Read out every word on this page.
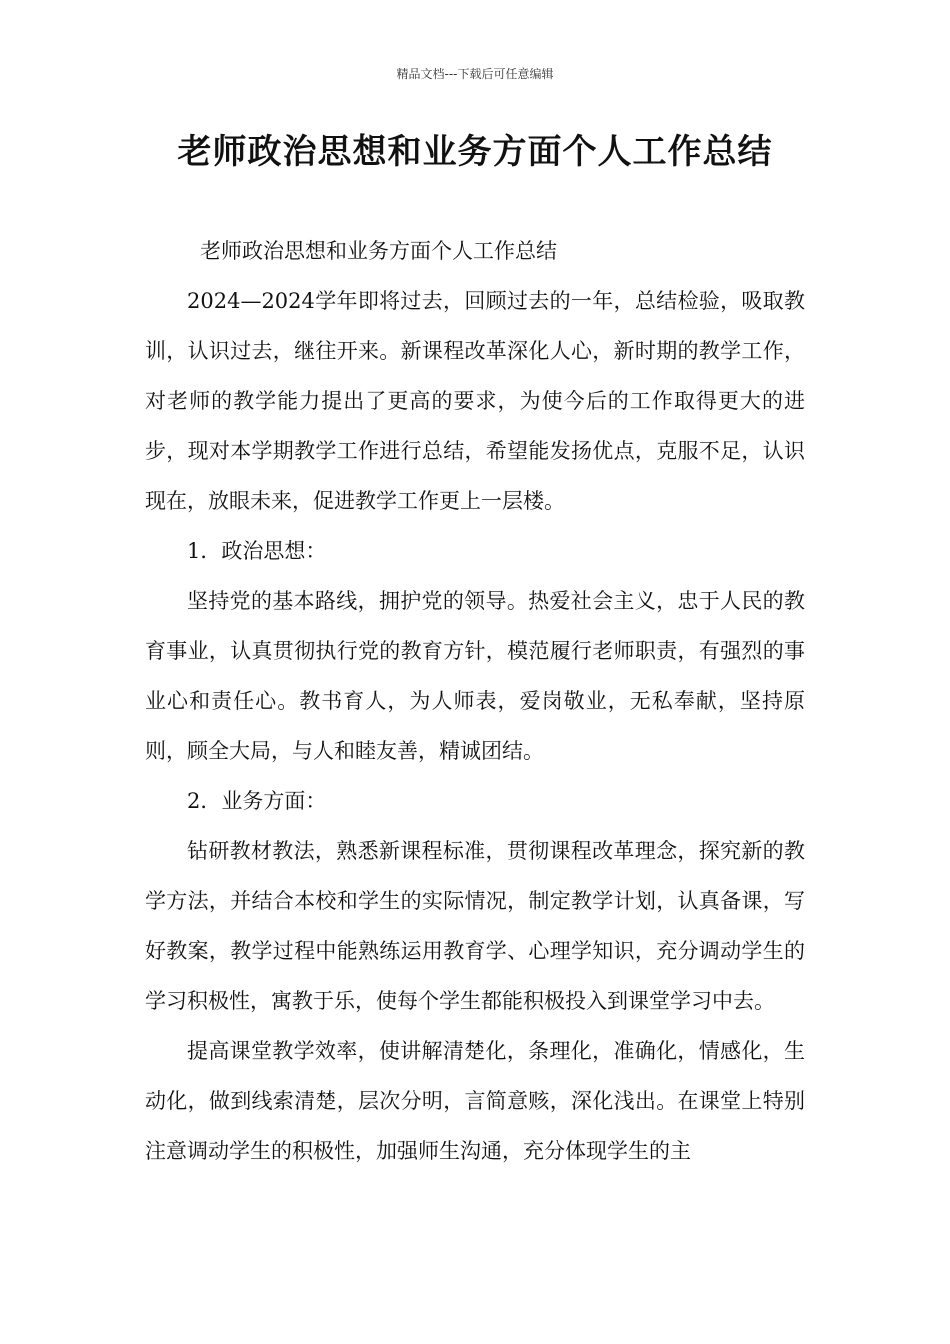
精品文档---下载后可任意编辑
老师政治思想和业务方面个人工作总结

老师政治思想和业务方面个人工作总结

2024—2024学年即将过去，回顾过去的一年，总结检验，吸取教训，认识过去，继往开来。新课程改革深化人心，新时期的教学工作，对老师的教学能力提出了更高的要求，为使今后的工作取得更大的进步，现对本学期教学工作进行总结，希望能发扬优点，克服不足，认识现在，放眼未来，促进教学工作更上一层楼。

1．政治思想：

坚持党的基本路线，拥护党的领导。热爱社会主义，忠于人民的教育事业，认真贯彻执行党的教育方针，模范履行老师职责，有强烈的事业心和责任心。教书育人，为人师表，爱岗敬业，无私奉献，坚持原则，顾全大局，与人和睦友善，精诚团结。

2．业务方面：

钻研教材教法，熟悉新课程标准，贯彻课程改革理念，探究新的教学方法，并结合本校和学生的实际情况，制定教学计划，认真备课，写好教案，教学过程中能熟练运用教育学、心理学知识，充分调动学生的学习积极性，寓教于乐，使每个学生都能积极投入到课堂学习中去。

提高课堂教学效率，使讲解清楚化，条理化，准确化，情感化，生动化，做到线索清楚，层次分明，言简意赅，深化浅出。在课堂上特别注意调动学生的积极性，加强师生沟通，充分体现学生的主
